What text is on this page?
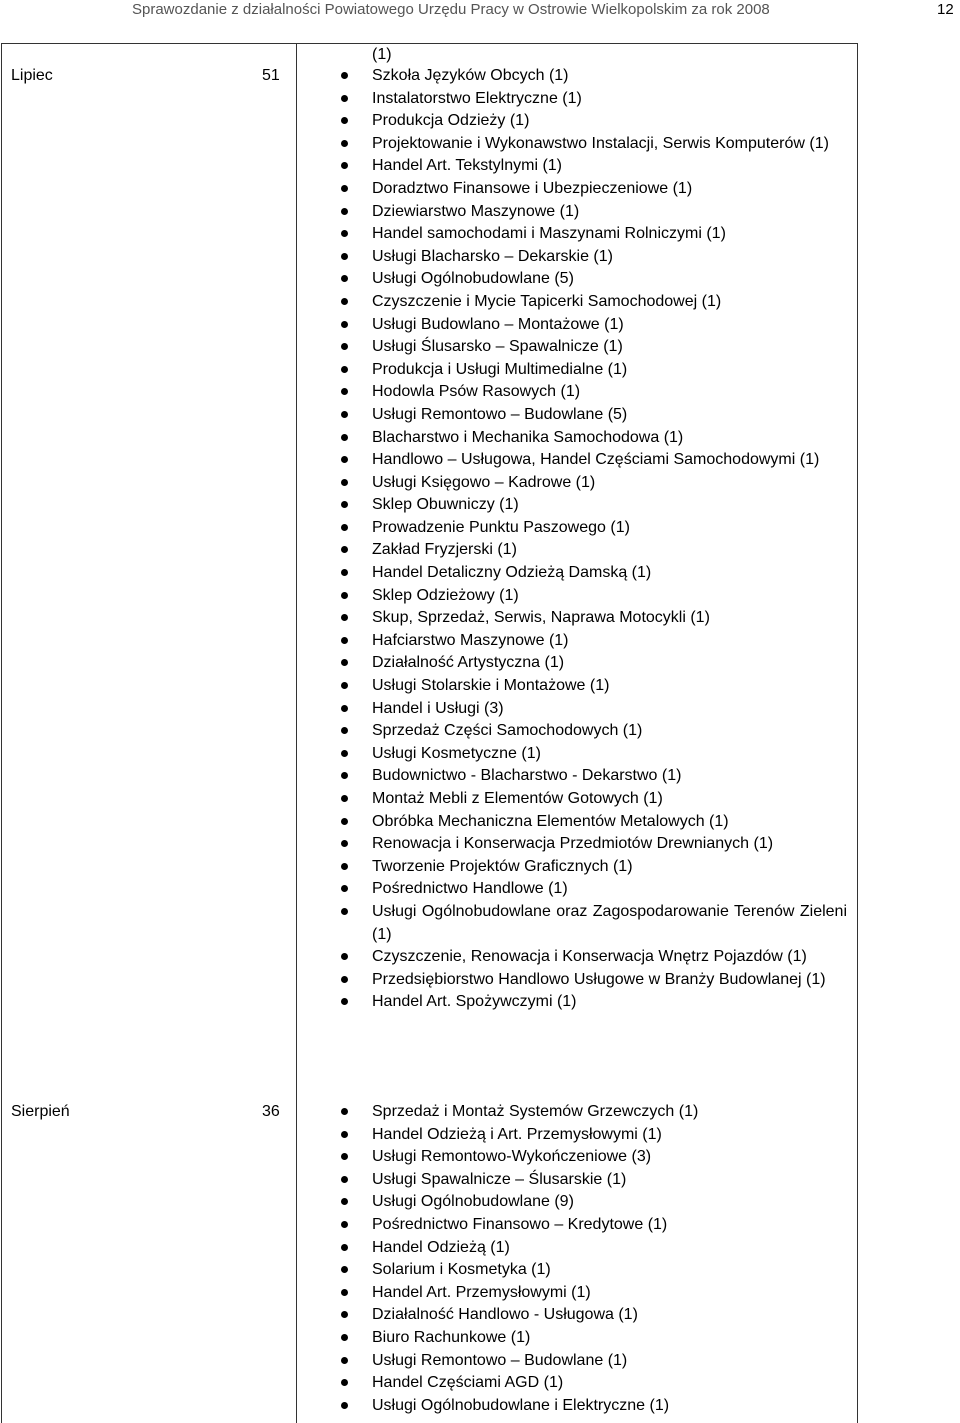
Sprawozdanie z działalności Powiatowego Urzędu Pracy w Ostrowie Wielkopolskim za rok 2008	12
(1)
Lipiec	51	Szkoła Języków Obcych (1)
Instalatorstwo Elektryczne (1)
Produkcja Odzieży (1)
Projektowanie i Wykonawstwo Instalacji, Serwis Komputerów (1)
Handel Art. Tekstylnymi (1)
Doradztwo Finansowe i Ubezpieczeniowe (1)
Dziewiarstwo Maszynowe (1)
Handel samochodami i Maszynami Rolniczymi (1)
Usługi Blacharsko – Dekarskie (1)
Usługi Ogólnobudowlane (5)
Czyszczenie i Mycie Tapicerki Samochodowej (1)
Usługi Budowlano – Montażowe (1)
Usługi Ślusarsko – Spawalnicze (1)
Produkcja i Usługi Multimedialne (1)
Hodowla Psów Rasowych (1)
Usługi Remontowo – Budowlane (5)
Blacharstwo i Mechanika Samochodowa (1)
Handlowo – Usługowa, Handel Częściami Samochodowymi (1)
Usługi Księgowo – Kadrowe (1)
Sklep Obuwniczy (1)
Prowadzenie Punktu Paszowego (1)
Zakład Fryzjerski (1)
Handel Detaliczny Odzieżą Damską (1)
Sklep Odzieżowy (1)
Skup, Sprzedaż, Serwis, Naprawa Motocykli (1)
Hafciarstwo Maszynowe (1)
Działalność Artystyczna (1)
Usługi Stolarskie i Montażowe (1)
Handel i Usługi (3)
Sprzedaż Części Samochodowych (1)
Usługi Kosmetyczne (1)
Budownictwo - Blacharstwo - Dekarstwo (1)
Montaż Mebli z Elementów Gotowych (1)
Obróbka Mechaniczna Elementów Metalowych (1)
Renowacja i Konserwacja Przedmiotów Drewnianych (1)
Tworzenie Projektów Graficznych (1)
Pośrednictwo Handlowe (1)
Usługi Ogólnobudowlane oraz Zagospodarowanie Terenów Zieleni (1)
Czyszczenie, Renowacja i Konserwacja Wnętrz Pojazdów (1)
Przedsiębiorstwo Handlowo Usługowe w Branży Budowlanej (1)
Handel Art. Spożywczymi (1)
Sierpień	36	Sprzedaż i Montaż Systemów Grzewczych (1)
Handel Odzieżą i Art. Przemysłowymi (1)
Usługi Remontowo-Wykończeniowe (3)
Usługi Spawalnicze – Ślusarskie (1)
Usługi Ogólnobudowlane (9)
Pośrednictwo Finansowo – Kredytowe (1)
Handel Odzieżą (1)
Solarium i Kosmetyka (1)
Handel Art. Przemysłowymi (1)
Działalność Handlowo - Usługowa (1)
Biuro Rachunkowe (1)
Usługi Remontowo – Budowlane (1)
Handel Częściami AGD (1)
Usługi Ogólnobudowlane i Elektryczne (1)
